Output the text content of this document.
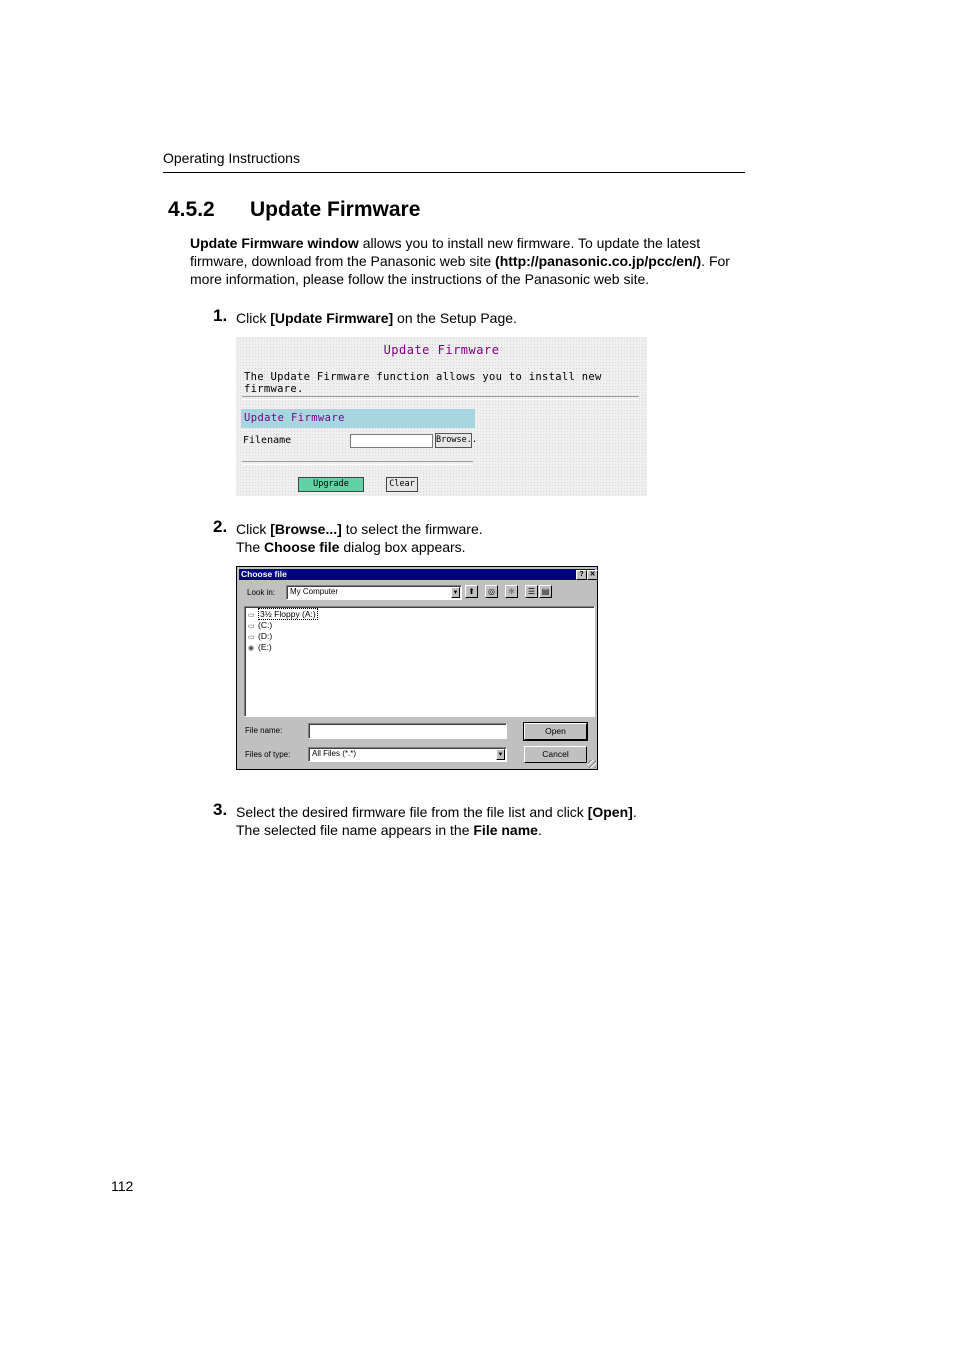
Operating Instructions
4.5.2 Update Firmware
Update Firmware window allows you to install new firmware. To update the latest firmware, download from the Panasonic web site (http://panasonic.co.jp/pcc/en/). For more information, please follow the instructions of the Panasonic web site.
1. Click [Update Firmware] on the Setup Page.
Update Firmware
The Update Firmware function allows you to install new firmware.
Update Firmware
Filename	Browse..
Upgrade	Clear
2. Click [Browse...] to select the firmware.
The Choose file dialog box appears.
Choose file	? ✕
Look in: My Computer	▼	⬆	◎	✱	☰ ▤
▭ 3½ Floppy (A:)
▭ (C:)
▭ (D:)
◉ (E:)
File name:	Open
Files of type:	All Files (*.*)	▼	Cancel
3. Select the desired firmware file from the file list and click [Open].
The selected file name appears in the File name.
112
